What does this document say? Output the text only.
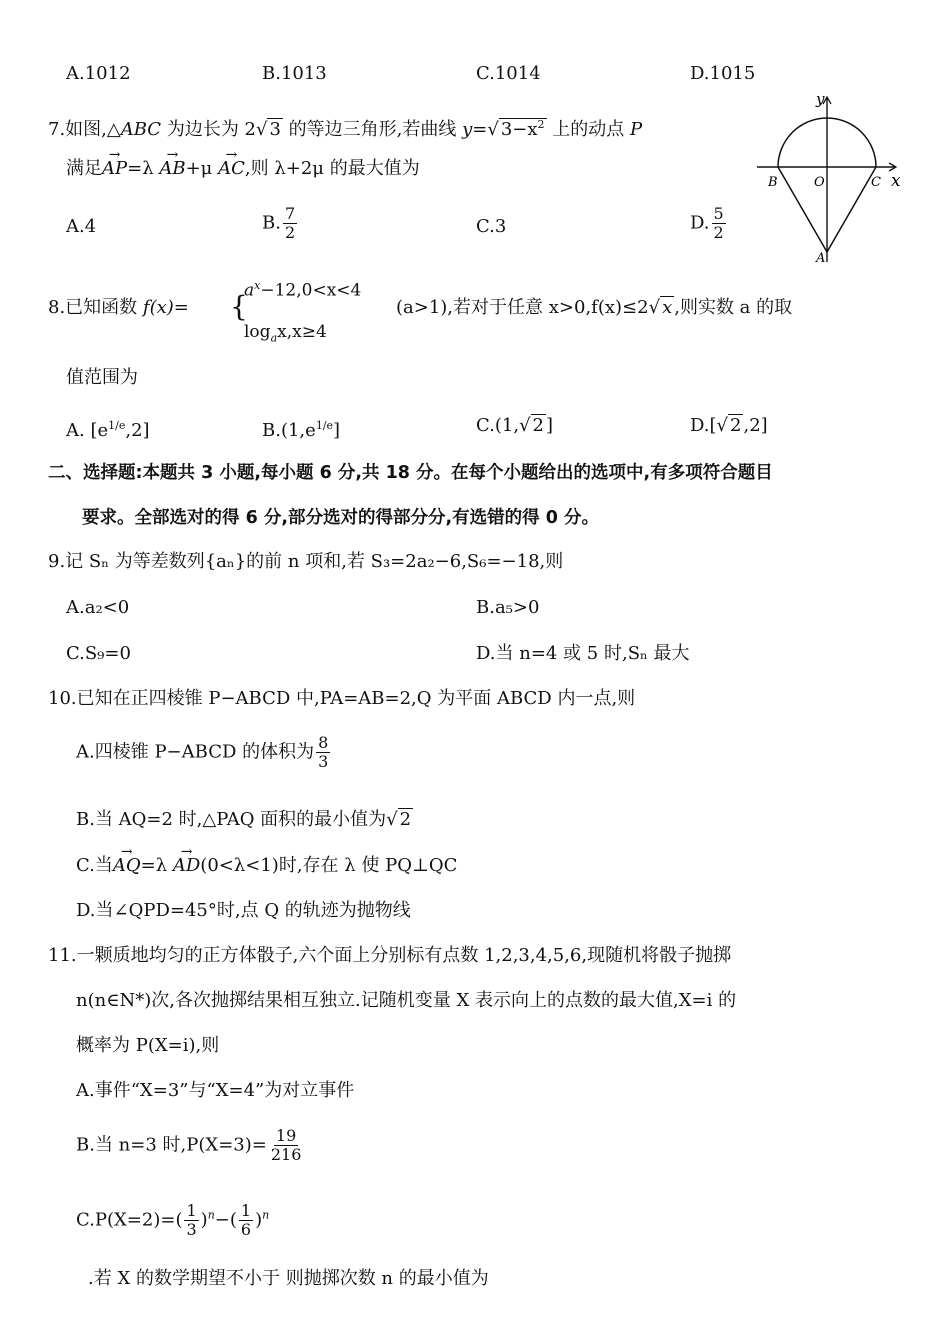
A.1012	B.1013	C.1014	D.1015
7.如图,△ABC 为边长为 2√ 3 的等边三角形,若曲线 y=√ $3-x^2$ 上的动点 P
满足→ AP=λ → AB+μ → AC,则 λ+2μ 的最大值为
A.4	B. $\frac{7}{2}$	C.3	D. $\frac{5}{2}$
y
x
B	O	C
A
8.已知函数 f(x)= {
$a^x-12,0<x<4$
$\log_ax,x\ge 4$
(a>1),若对于任意 x>0,f(x)≤2√ x ,则实数 a 的取
值范围为
A. $[e^{1/e},2]$	$B.(1,e^{1/e}]$	C.(1,√ 2 ]	D.[√ 2 ,2]
二、选择题:本题共 3 小题,每小题 6 分,共 18 分。在每个小题给出的选项中,有多项符合题目
要求。全部选对的得 6 分,部分选对的得部分分,有选错的得 0 分。
9.记 Sₙ 为等差数列{aₙ}的前 n 项和,若 S₃=2a₂−6,S₆=−18,则
A.a₂<0	B.a₅>0
C.S₉=0	D.当 n=4 或 5 时,Sₙ 最大
10.已知在正四棱锥 P−ABCD 中,PA=AB=2,Q 为平面 ABCD 内一点,则
A.四棱锥 P−ABCD 的体积为 $\frac{8}{3}$
B.当 AQ=2 时,△PAQ 面积的最小值为√ 2
C.当→ AQ=λ → AD(0<λ<1)时,存在 λ 使 PQ⊥QC
D.当∠QPD=45°时,点 Q 的轨迹为抛物线
11.一颗质地均匀的正方体骰子,六个面上分别标有点数 1,2,3,4,5,6,现随机将骰子抛掷
n(n∈N*)次,各次抛掷结果相互独立.记随机变量 X 表示向上的点数的最大值,X=i 的
概率为 P(X=i),则
A.事件“X=3”与“X=4”为对立事件
B.当 n=3 时$,P(X=3)= \frac{19}{216}$
$C.P(X=2)=( \frac{1}{3} )^n-( \frac{1}{6} )^n$
.若 X 的数学期望不小于 则抛掷次数 n 的最小值为
